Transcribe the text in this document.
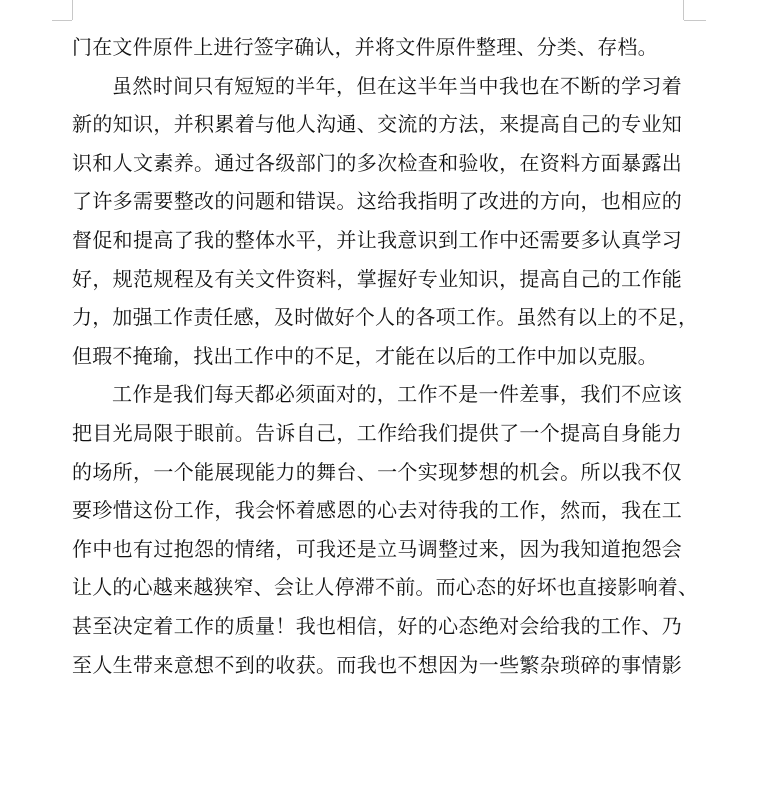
门在文件原件上进行签字确认，并将文件原件整理、分类、存档。
虽然时间只有短短的半年，但在这半年当中我也在不断的学习着
新的知识，并积累着与他人沟通、交流的方法，来提高自己的专业知
识和人文素养。通过各级部门的多次检查和验收，在资料方面暴露出
了许多需要整改的问题和错误。这给我指明了改进的方向，也相应的
督促和提高了我的整体水平，并让我意识到工作中还需要多认真学习
好，规范规程及有关文件资料，掌握好专业知识，提高自己的工作能
力，加强工作责任感，及时做好个人的各项工作。虽然有以上的不足，
但瑕不掩瑜，找出工作中的不足，才能在以后的工作中加以克服。
工作是我们每天都必须面对的，工作不是一件差事，我们不应该
把目光局限于眼前。告诉自己，工作给我们提供了一个提高自身能力
的场所，一个能展现能力的舞台、一个实现梦想的机会。所以我不仅
要珍惜这份工作，我会怀着感恩的心去对待我的工作，然而，我在工
作中也有过抱怨的情绪，可我还是立马调整过来，因为我知道抱怨会
让人的心越来越狭窄、会让人停滞不前。而心态的好坏也直接影响着、
甚至决定着工作的质量！我也相信，好的心态绝对会给我的工作、乃
至人生带来意想不到的收获。而我也不想因为一些繁杂琐碎的事情影
